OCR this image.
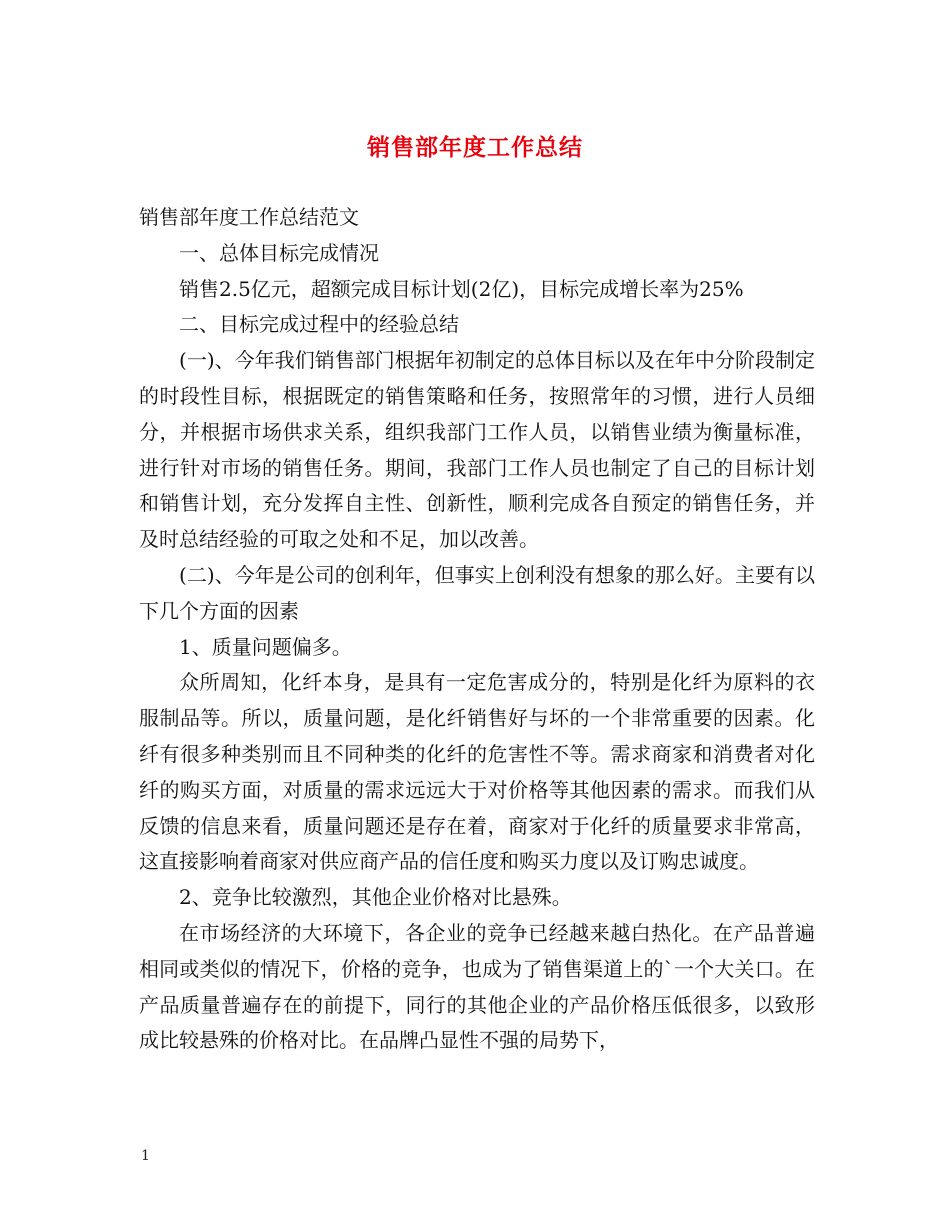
销售部年度工作总结

销售部年度工作总结范文

一、总体目标完成情况

销售2.5亿元，超额完成目标计划(2亿)，目标完成增长率为25%

二、目标完成过程中的经验总结

(一)、今年我们销售部门根据年初制定的总体目标以及在年中分阶段制定的时段性目标，根据既定的销售策略和任务，按照常年的习惯，进行人员细分，并根据市场供求关系，组织我部门工作人员，以销售业绩为衡量标准，进行针对市场的销售任务。期间，我部门工作人员也制定了自己的目标计划和销售计划，充分发挥自主性、创新性，顺利完成各自预定的销售任务，并及时总结经验的可取之处和不足，加以改善。

(二)、今年是公司的创利年，但事实上创利没有想象的那么好。主要有以下几个方面的因素

1、质量问题偏多。

众所周知，化纤本身，是具有一定危害成分的，特别是化纤为原料的衣服制品等。所以，质量问题，是化纤销售好与坏的一个非常重要的因素。化纤有很多种类别而且不同种类的化纤的危害性不等。需求商家和消费者对化纤的购买方面，对质量的需求远远大于对价格等其他因素的需求。而我们从反馈的信息来看，质量问题还是存在着，商家对于化纤的质量要求非常高，这直接影响着商家对供应商产品的信任度和购买力度以及订购忠诚度。

2、竞争比较激烈，其他企业价格对比悬殊。

在市场经济的大环境下，各企业的竞争已经越来越白热化。在产品普遍相同或类似的情况下，价格的竞争，也成为了销售渠道上的`一个大关口。在产品质量普遍存在的前提下，同行的其他企业的产品价格压低很多，以致形成比较悬殊的价格对比。在品牌凸显性不强的局势下，

1
